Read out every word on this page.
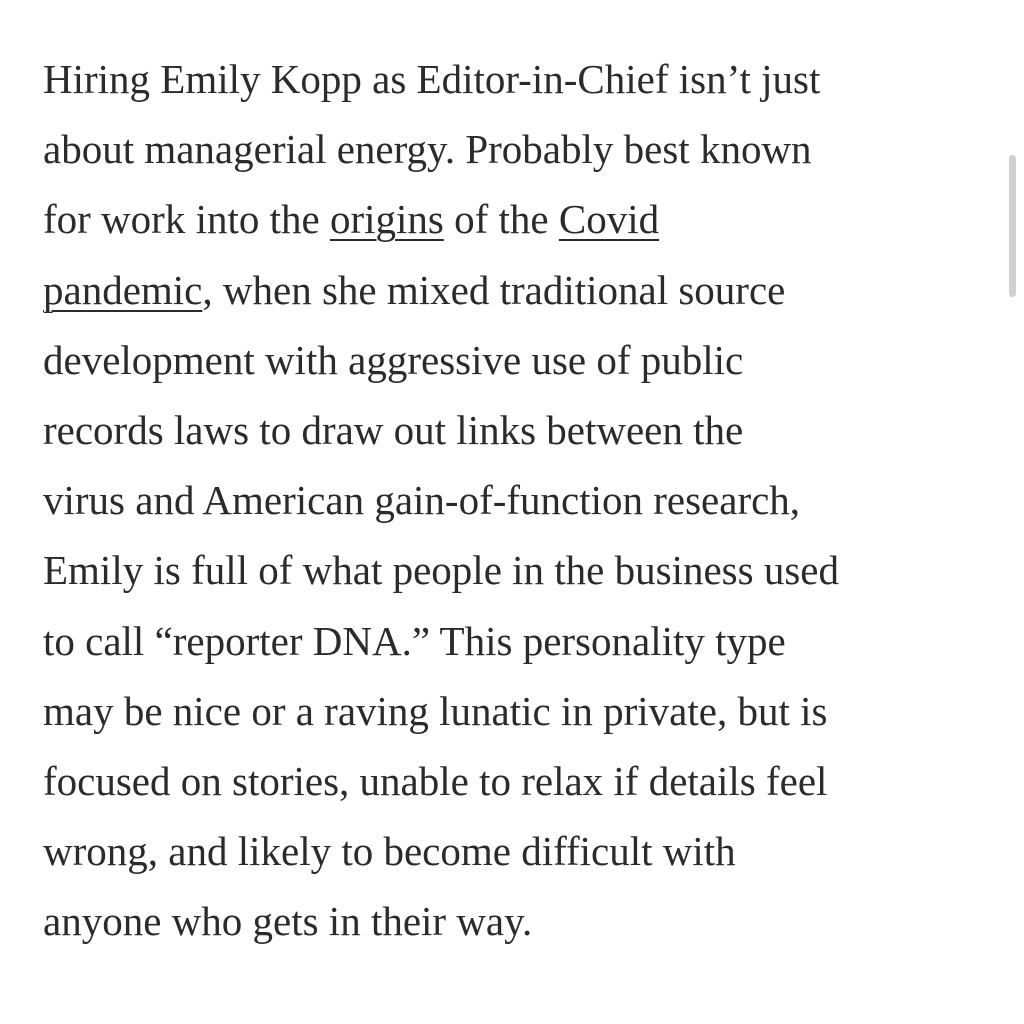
Hiring Emily Kopp as Editor-in-Chief isn’t just
about managerial energy. Probably best known
for work into the origins of the Covid
pandemic, when she mixed traditional source
development with aggressive use of public
records laws to draw out links between the
virus and American gain-of-function research,
Emily is full of what people in the business used
to call “reporter DNA.” This personality type
may be nice or a raving lunatic in private, but is
focused on stories, unable to relax if details feel
wrong, and likely to become difficult with
anyone who gets in their way.
